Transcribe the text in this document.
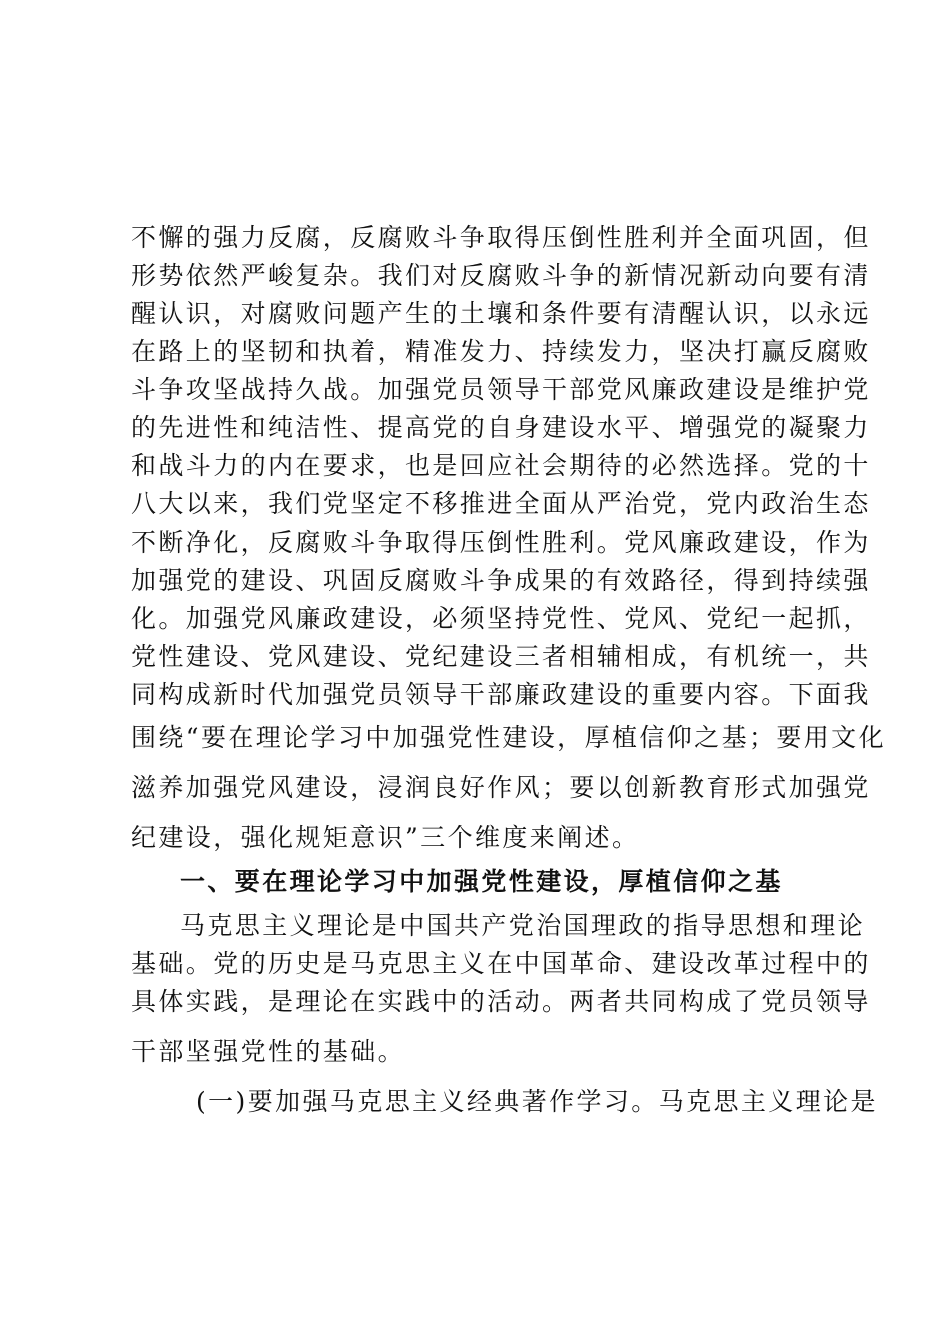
不懈的强力反腐，反腐败斗争取得压倒性胜利并全面巩固，但
形势依然严峻复杂。我们对反腐败斗争的新情况新动向要有清
醒认识，对腐败问题产生的土壤和条件要有清醒认识，以永远
在路上的坚韧和执着，精准发力、持续发力，坚决打赢反腐败
斗争攻坚战持久战。加强党员领导干部党风廉政建设是维护党
的先进性和纯洁性、提高党的自身建设水平、增强党的凝聚力
和战斗力的内在要求，也是回应社会期待的必然选择。党的十
八大以来，我们党坚定不移推进全面从严治党，党内政治生态
不断净化，反腐败斗争取得压倒性胜利。党风廉政建设，作为
加强党的建设、巩固反腐败斗争成果的有效路径，得到持续强
化。加强党风廉政建设，必须坚持党性、党风、党纪一起抓，
党性建设、党风建设、党纪建设三者相辅相成，有机统一，共
同构成新时代加强党员领导干部廉政建设的重要内容。下面我
围绕“要在理论学习中加强党性建设，厚植信仰之基；要用文化
滋养加强党风建设，浸润良好作风；要以创新教育形式加强党
纪建设，强化规矩意识”三个维度来阐述。
一、要在理论学习中加强党性建设，厚植信仰之基
马克思主义理论是中国共产党治国理政的指导思想和理论
基础。党的历史是马克思主义在中国革命、建设改革过程中的
具体实践，是理论在实践中的活动。两者共同构成了党员领导
干部坚强党性的基础。
(一)要加强马克思主义经典著作学习。马克思主义理论是
